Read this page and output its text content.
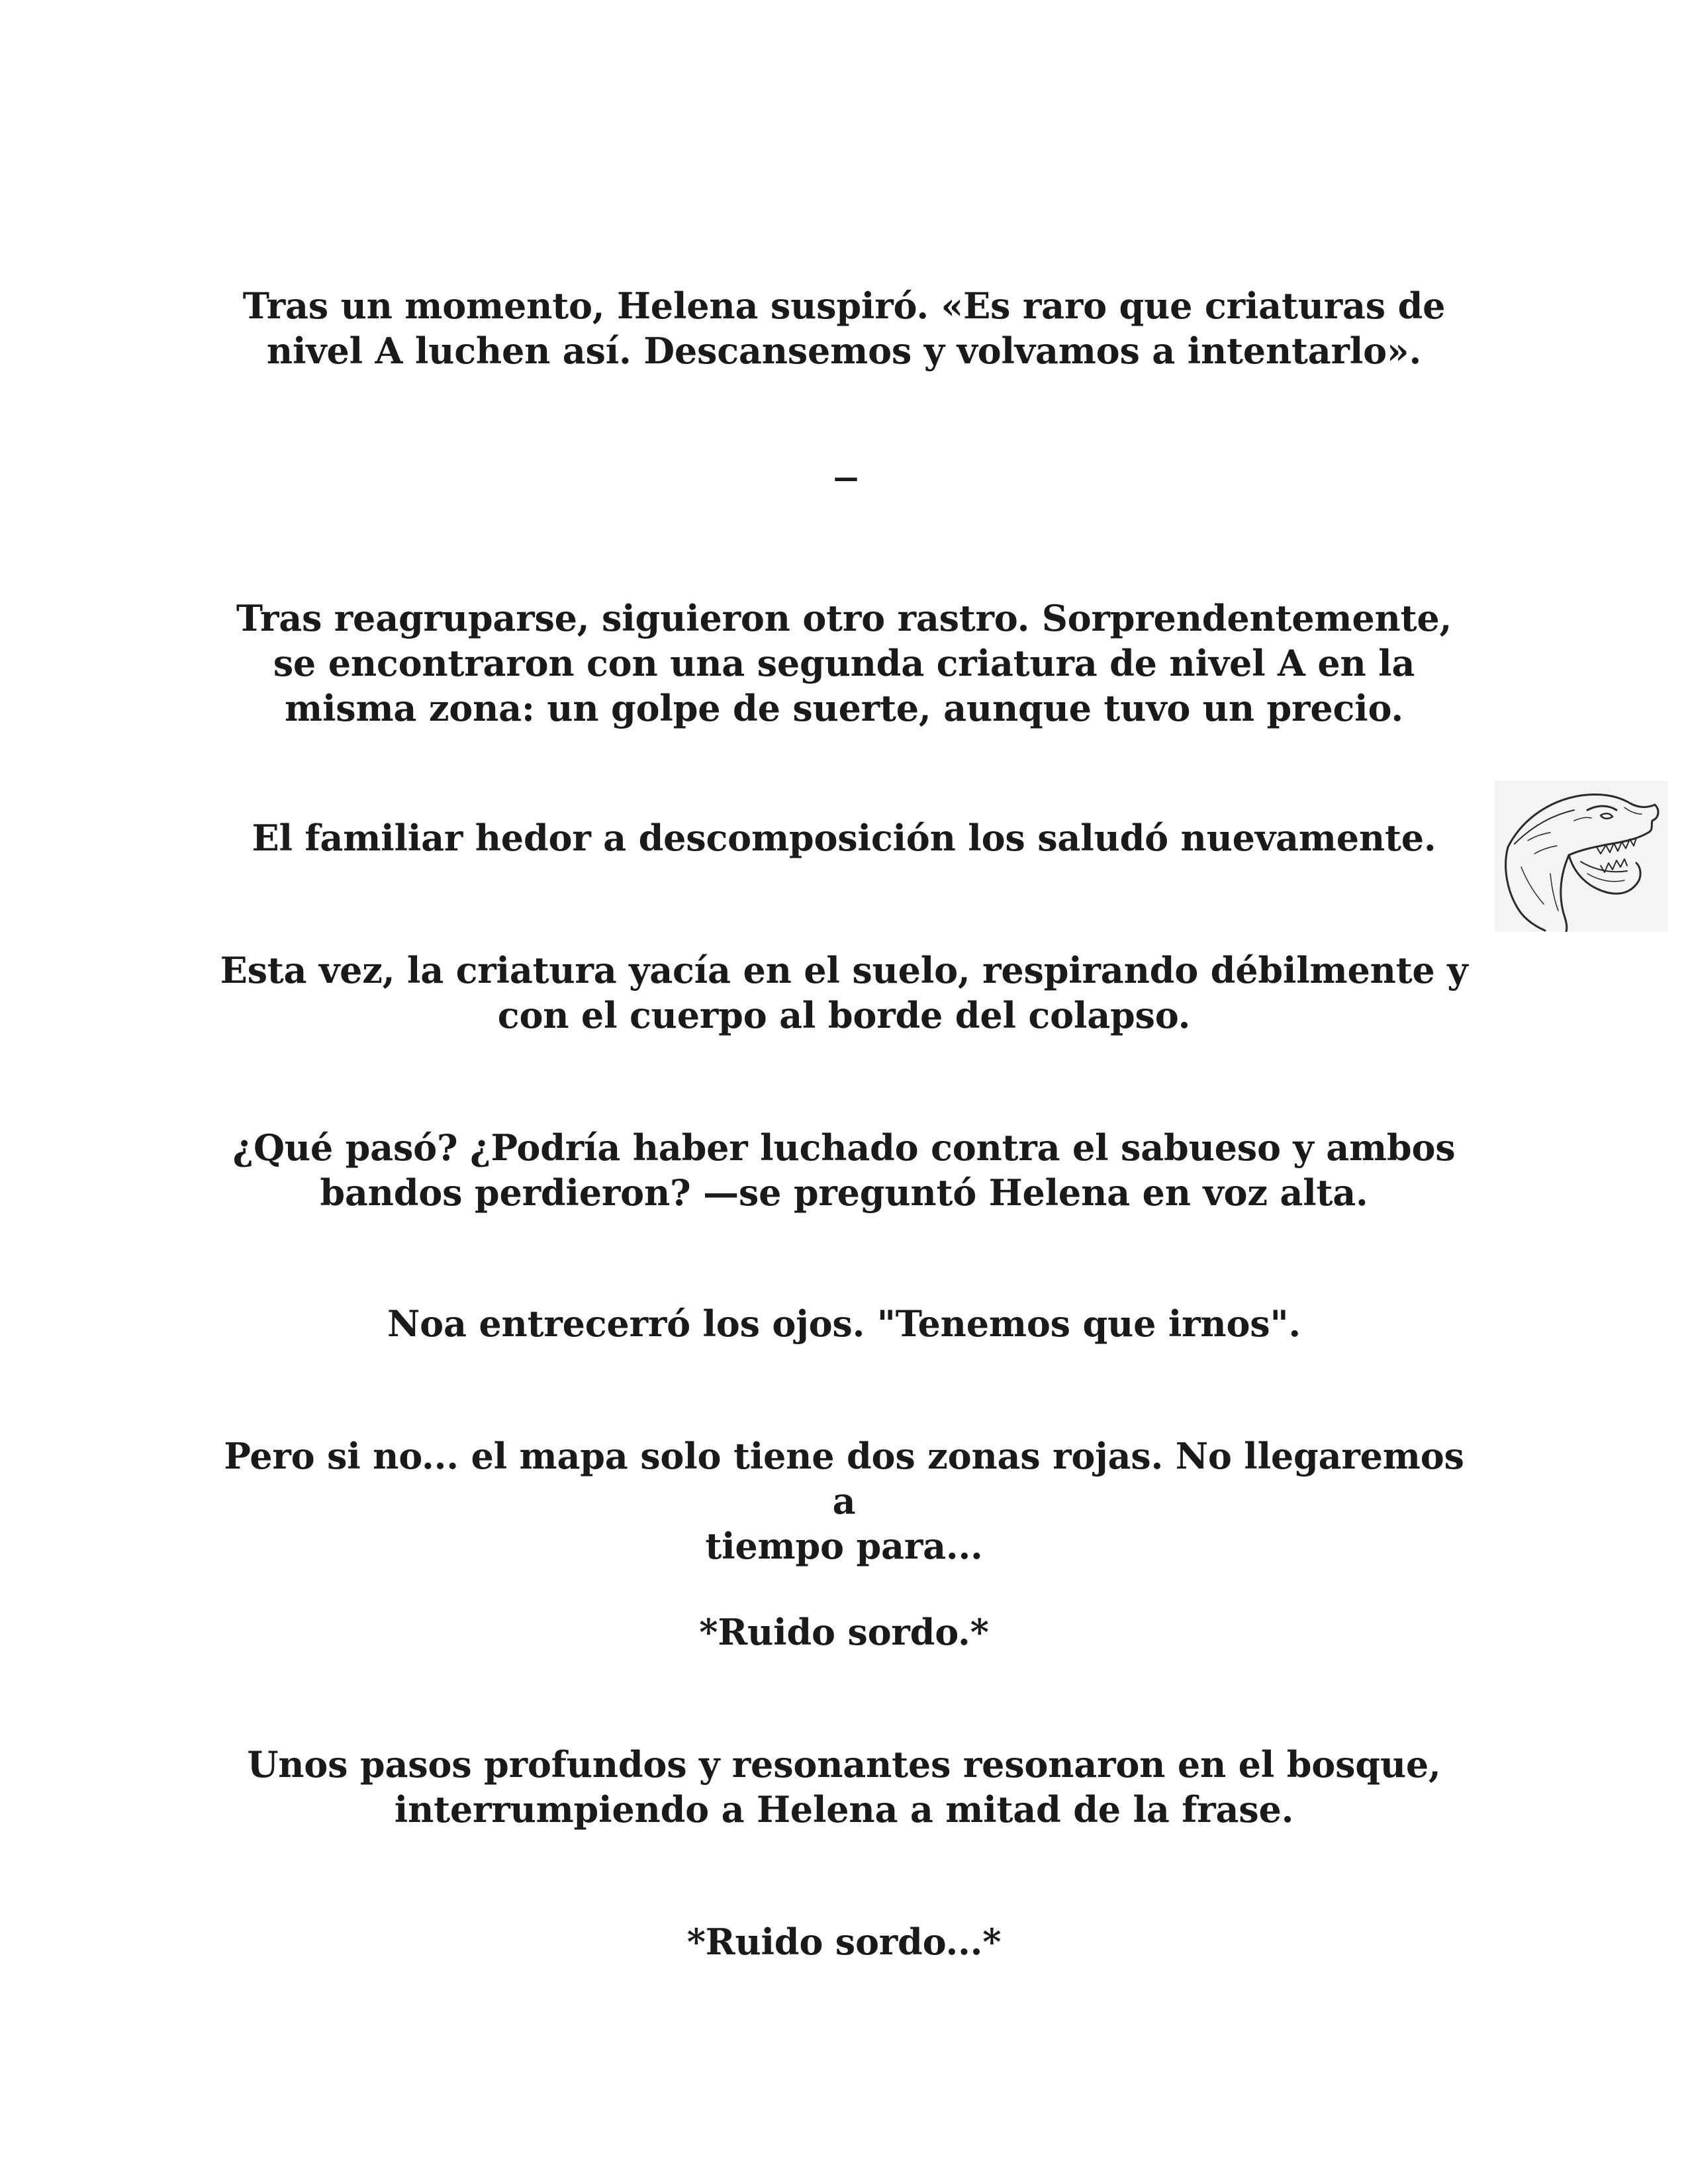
Tras un momento, Helena suspiró. «Es raro que criaturas de
nivel A luchen así. Descansemos y volvamos a intentarlo».

---

Tras reagruparse, siguieron otro rastro. Sorprendentemente,
se encontraron con una segunda criatura de nivel A en la
misma zona: un golpe de suerte, aunque tuvo un precio.

El familiar hedor a descomposición los saludó nuevamente.

Esta vez, la criatura yacía en el suelo, respirando débilmente y
con el cuerpo al borde del colapso.

¿Qué pasó? ¿Podría haber luchado contra el sabueso y ambos
bandos perdieron? —se preguntó Helena en voz alta.

Noa entrecerró los ojos. "Tenemos que irnos".

Pero si no... el mapa solo tiene dos zonas rojas. No llegaremos a
tiempo para...

*Ruido sordo.*

Unos pasos profundos y resonantes resonaron en el bosque,
interrumpiendo a Helena a mitad de la frase.

*Ruido sordo...*
